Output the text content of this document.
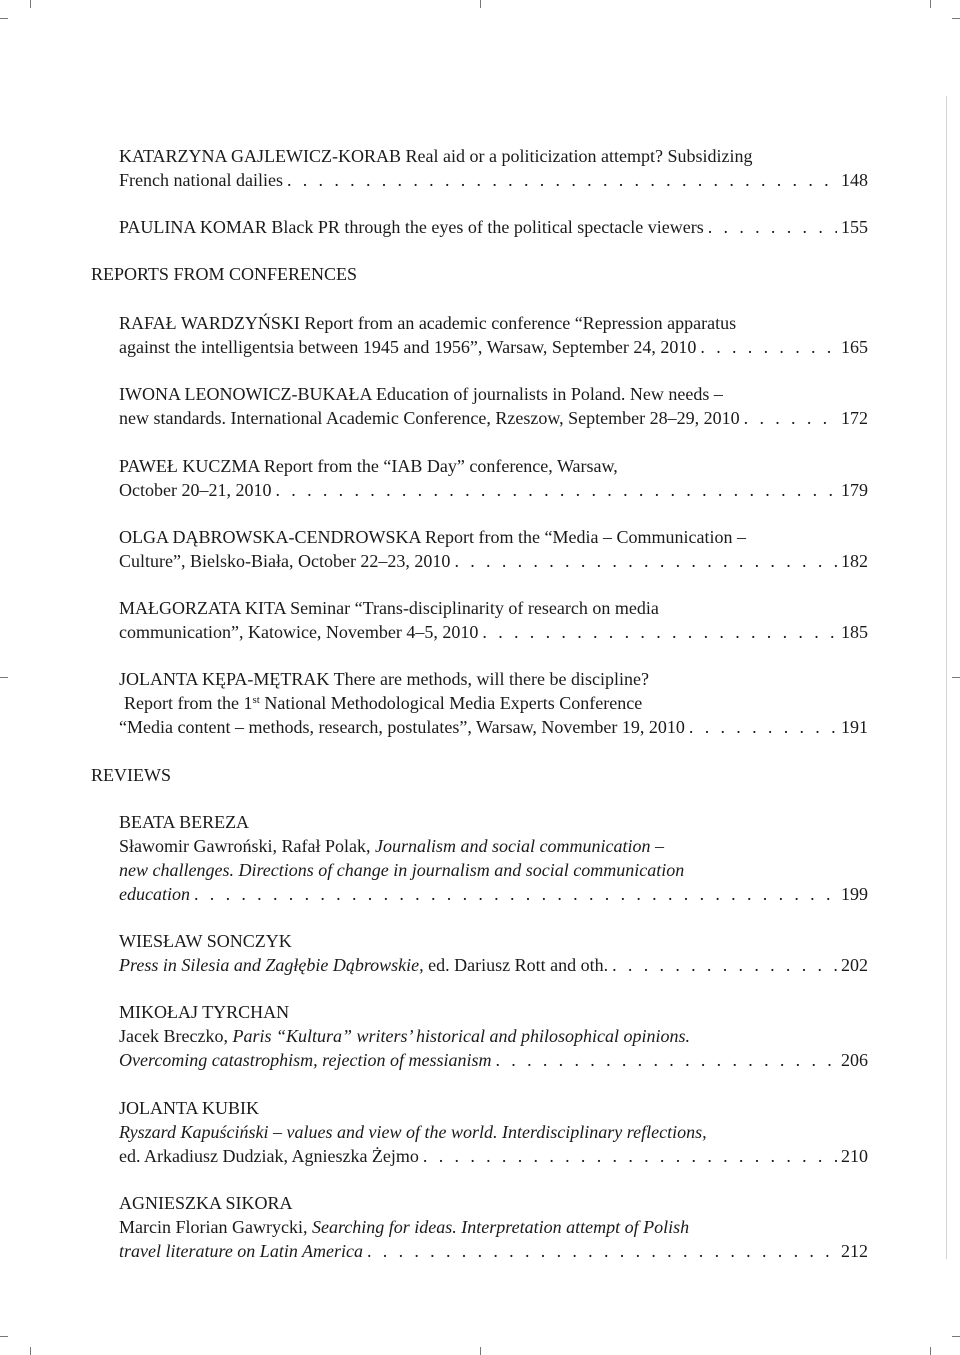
KATARZYNA GAJLEWICZ-KORAB Real aid or a politicization attempt? Subsidizing
French national dailies . . .	148
PAULINA KOMAR Black PR through the eyes of the political spectacle viewers . . .	155
REPORTS FROM CONFERENCES
RAFAŁ WARDZYŃSKI Report from an academic conference “Repression apparatus
against the intelligentsia between 1945 and 1956”, Warsaw, September 24, 2010 . . .	165
IWONA LEONOWICZ-BUKAŁA Education of journalists in Poland. New needs –
new standards. International Academic Conference, Rzeszow, September 28–29, 2010 . . .	172
PAWEŁ KUCZMA Report from the “IAB Day” conference, Warsaw,
October 20–21, 2010 . . .	179
OLGA DĄBROWSKA-CENDROWSKA Report from the “Media – Communication –
Culture”, Bielsko-Biała, October 22–23, 2010 . . .	182
MAŁGORZATA KITA Seminar “Trans-disciplinarity of research on media
communication”, Katowice, November 4–5, 2010 . . .	185
JOLANTA KĘPA-MĘTRAK There are methods, will there be discipline?
Report from the 1st National Methodological Media Experts Conference
“Media content – methods, research, postulates”, Warsaw, November 19, 2010 . . .	191
REVIEWS
BEATA BEREZA
Sławomir Gawroński, Rafał Polak, Journalism and social communication –
new challenges. Directions of change in journalism and social communication
education . . .	199
WIESŁAW SONCZYK
Press in Silesia and Zagłębie Dąbrowskie, ed. Dariusz Rott and oth. . . .	202
MIKOŁAJ TYRCHAN
Jacek Breczko, Paris “Kultura” writers’ historical and philosophical opinions.
Overcoming catastrophism, rejection of messianism . . .	206
JOLANTA KUBIK
Ryszard Kapuściński – values and view of the world. Interdisciplinary reflections,
ed. Arkadiusz Dudziak, Agnieszka Żejmo . . .	210
AGNIESZKA SIKORA
Marcin Florian Gawrycki, Searching for ideas. Interpretation attempt of Polish
travel literature on Latin America . . .	212
